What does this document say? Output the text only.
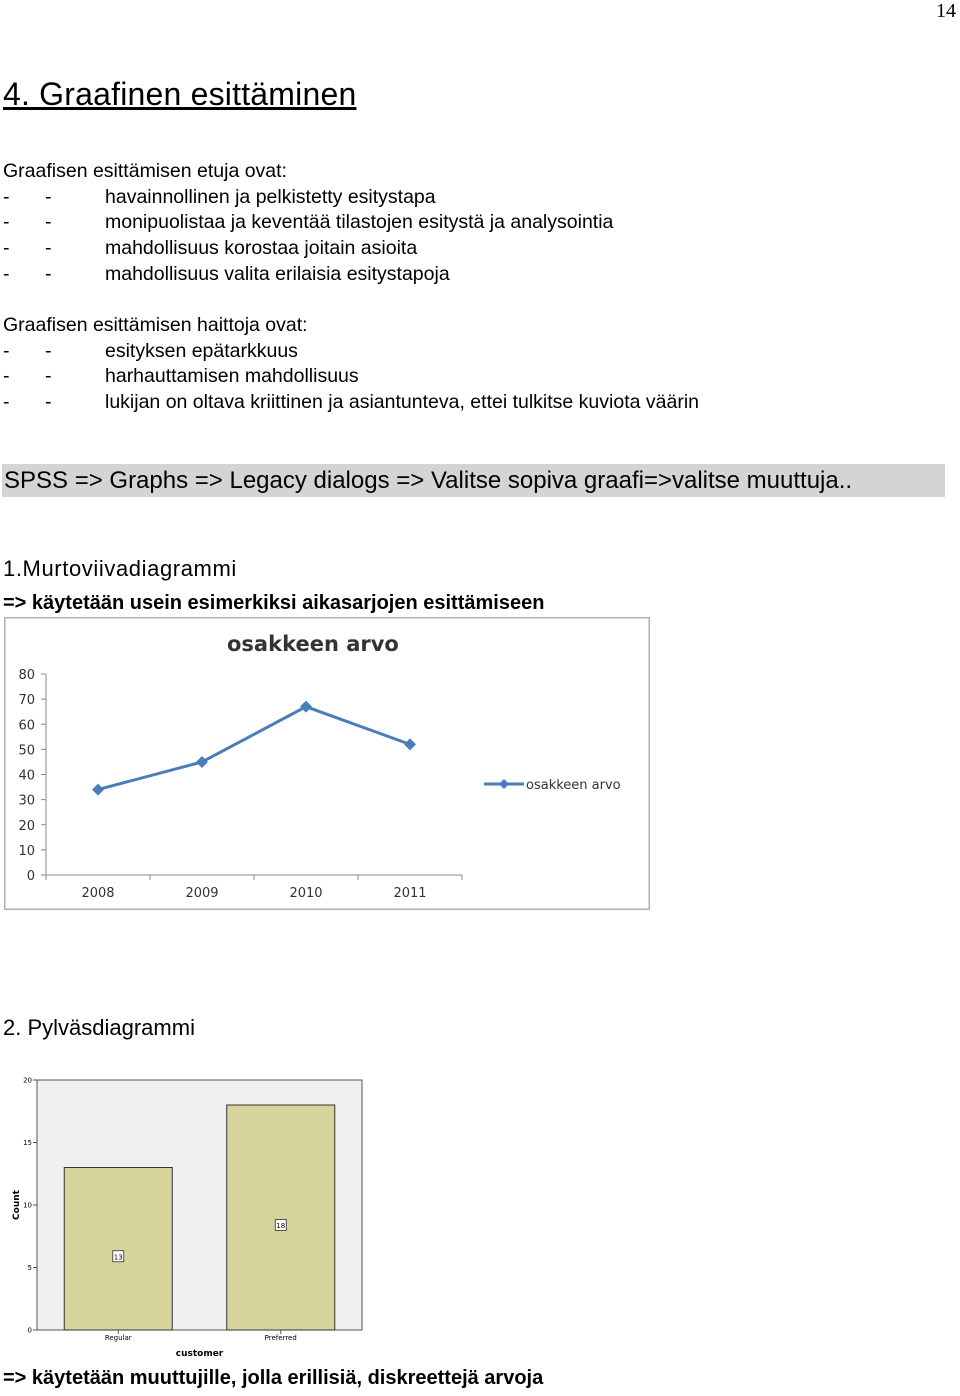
14
4. Graafinen esittäminen
Graafisen esittämisen etuja ovat:
- -	havainnollinen ja pelkistetty esitystapa
- -	monipuolistaa ja keventää tilastojen esitystä ja analysointia
- -	mahdollisuus korostaa joitain asioita
- -	mahdollisuus valita erilaisia esitystapoja
Graafisen esittämisen haittoja ovat:
- -	esityksen epätarkkuus
- -	harhauttamisen mahdollisuus
- -	lukijan on oltava kriittinen ja asiantunteva, ettei tulkitse kuviota väärin
SPSS => Graphs => Legacy dialogs => Valitse sopiva graafi=>valitse muuttuja..
1.Murtoviivadiagrammi
=> käytetään usein esimerkiksi aikasarjojen esittämiseen
osakkeen arvo
0
10
20
30
40
50
60
70
80
2008	2009	2010	2011
osakkeen arvo
2. Pylväsdiagrammi
0
5
10
15
20
Count
13
Regular
18
Preferred
customer
=> käytetään muuttujille, jolla erillisiä, diskreettejä arvoja
